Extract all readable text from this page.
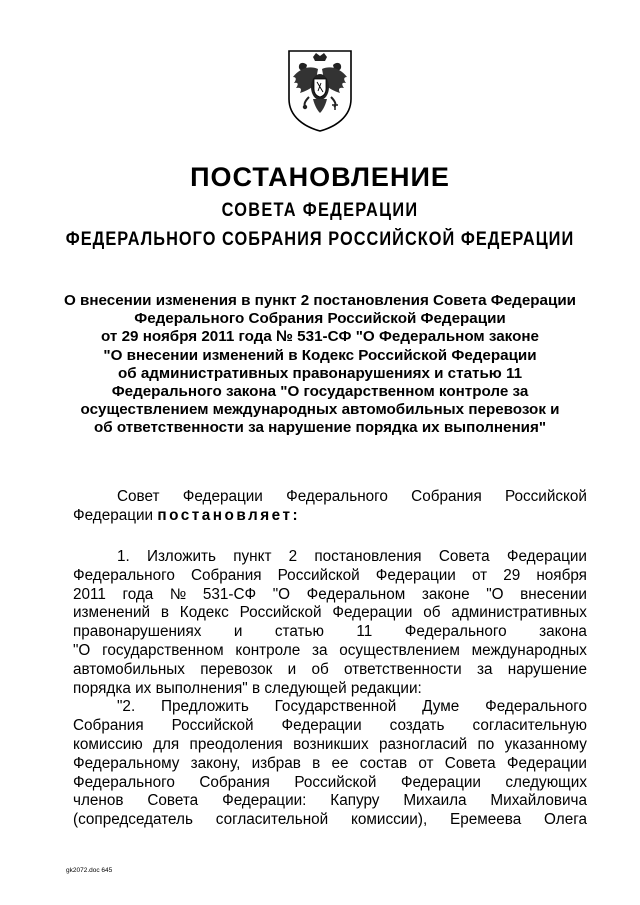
ПОСТАНОВЛЕНИЕ
СОВЕТА ФЕДЕРАЦИИ
ФЕДЕРАЛЬНОГО СОБРАНИЯ РОССИЙСКОЙ ФЕДЕРАЦИИ
О внесении изменения в пункт 2 постановления Совета Федерации
Федерального Собрания Российской Федерации
от 29 ноября 2011 года № 531-СФ "О Федеральном законе
"О внесении изменений в Кодекс Российской Федерации
об административных правонарушениях и статью 11
Федерального закона "О государственном контроле за
осуществлением международных автомобильных перевозок и
об ответственности за нарушение порядка их выполнения"
Совет Федерации Федерального Собрания Российской
Федерации постановляет:
1. Изложить пункт 2 постановления Совета Федерации
Федерального Собрания Российской Федерации от 29 ноября
2011 года № 531-СФ "О Федеральном законе "О внесении
изменений в Кодекс Российской Федерации об административных
правонарушениях и статью 11 Федерального закона
"О государственном контроле за осуществлением международных
автомобильных перевозок и об ответственности за нарушение
порядка их выполнения" в следующей редакции:
"2. Предложить Государственной Думе Федерального
Собрания Российской Федерации создать согласительную
комиссию для преодоления возникших разногласий по указанному
Федеральному закону, избрав в ее состав от Совета Федерации
Федерального Собрания Российской Федерации следующих
членов Совета Федерации: Капуру Михаила Михайловича
(сопредседатель согласительной комиссии), Еремеева Олега
gk2072.doc 645
